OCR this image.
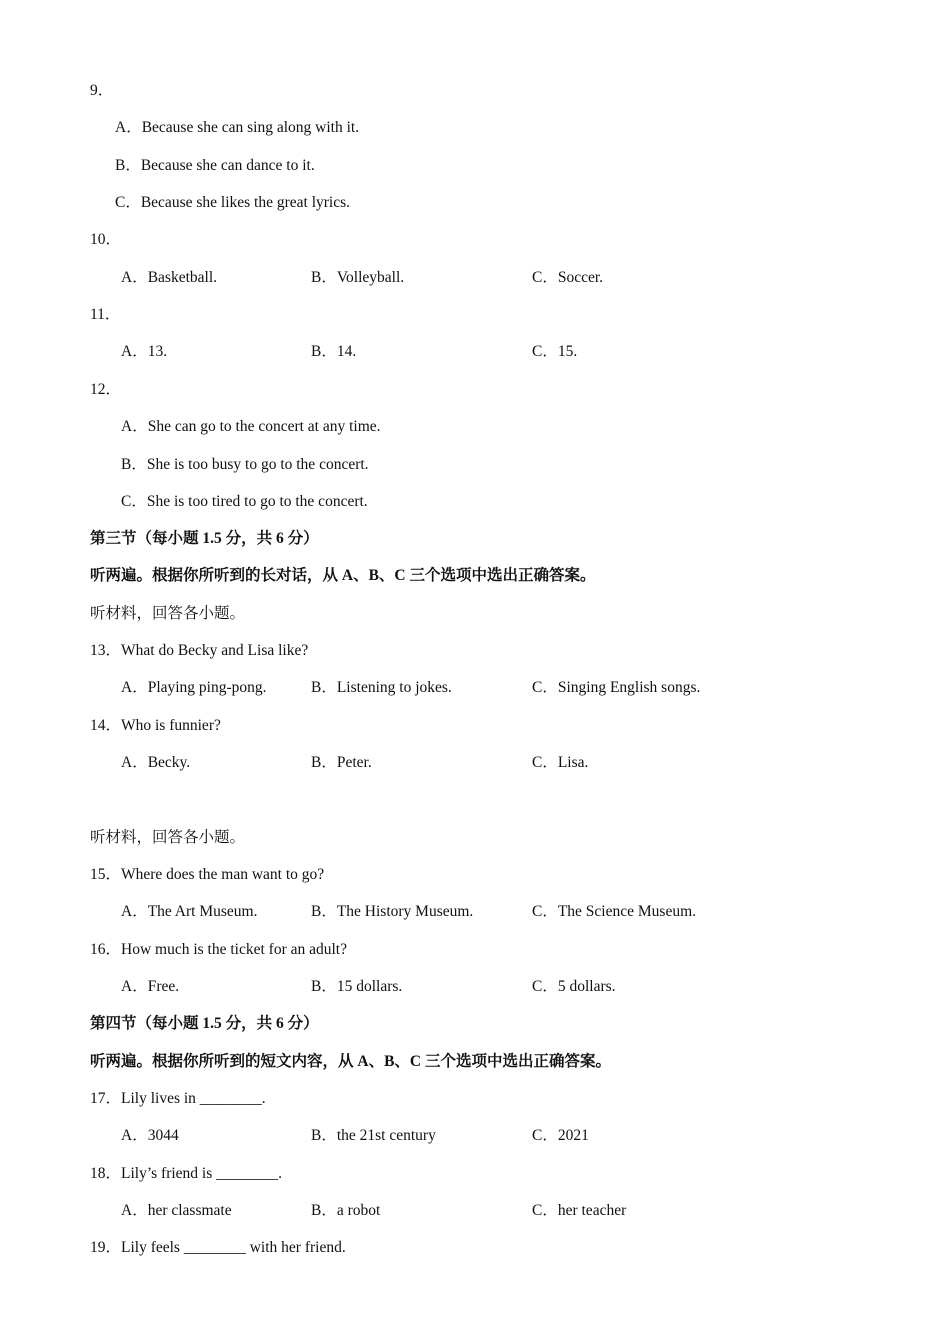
9．
A．Because she can sing along with it.
B．Because she can dance to it.
C．Because she likes the great lyrics.
10．
A．Basketball.	B．Volleyball.	C．Soccer.
11．
A．13.	B．14.	C．15.
12．
A．She can go to the concert at any time.
B．She is too busy to go to the concert.
C．She is too tired to go to the concert.
第三节（每小题 1.5 分，共 6 分）
听两遍。根据你所听到的长对话，从 A、B、C 三个选项中选出正确答案。
听材料，回答各小题。
13．What do Becky and Lisa like?
A．Playing ping-pong.	B．Listening to jokes.	C．Singing English songs.
14．Who is funnier?
A．Becky.	B．Peter.	C．Lisa.
听材料，回答各小题。
15．Where does the man want to go?
A．The Art Museum.	B．The History Museum.	C．The Science Museum.
16．How much is the ticket for an adult?
A．Free.	B．15 dollars.	C．5 dollars.
第四节（每小题 1.5 分，共 6 分）
听两遍。根据你所听到的短文内容，从 A、B、C 三个选项中选出正确答案。
17．Lily lives in ________.
A．3044	B．the 21st century	C．2021
18．Lily’s friend is ________.
A．her classmate	B．a robot	C．her teacher
19．Lily feels ________ with her friend.
